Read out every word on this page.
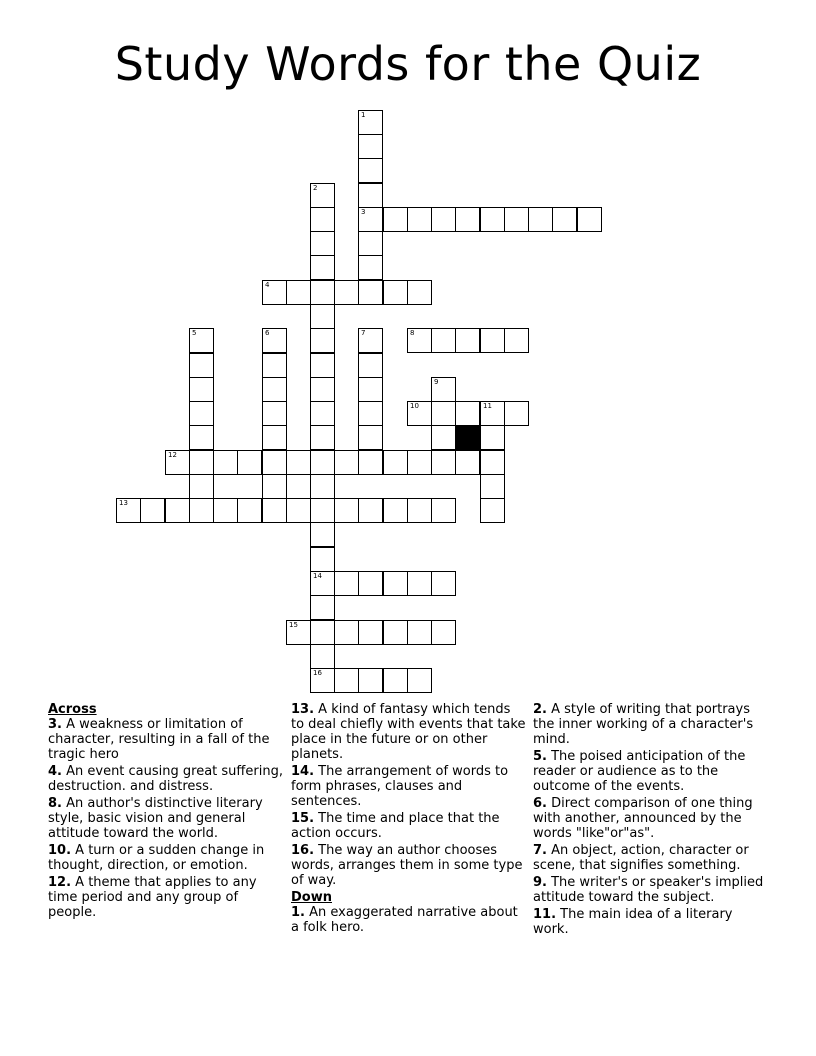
Study Words for the Quiz
1
3
2
4
14
16
5	6	7	8
9
10	11
12
13
15
Across
3. A weakness or limitation of character, resulting in a fall of the tragic hero
4. An event causing great suffering, destruction. and distress.
8. An author's distinctive literary style, basic vision and general attitude toward the world.
10. A turn or a sudden change in thought, direction, or emotion.
12. A theme that applies to any time period and any group of people.
13. A kind of fantasy which tends to deal chiefly with events that take place in the future or on other planets.
14. The arrangement of words to form phrases, clauses and sentences.
15. The time and place that the action occurs.
16. The way an author chooses words, arranges them in some type of way.
Down
1. An exaggerated narrative about a folk hero.
2. A style of writing that portrays the inner working of a character's mind.
5. The poised anticipation of the reader or audience as to the outcome of the events.
6. Direct comparison of one thing with another, announced by the words "like"or"as".
7. An object, action, character or scene, that signifies something.
9. The writer's or speaker's implied attitude toward the subject.
11. The main idea of a literary work.
